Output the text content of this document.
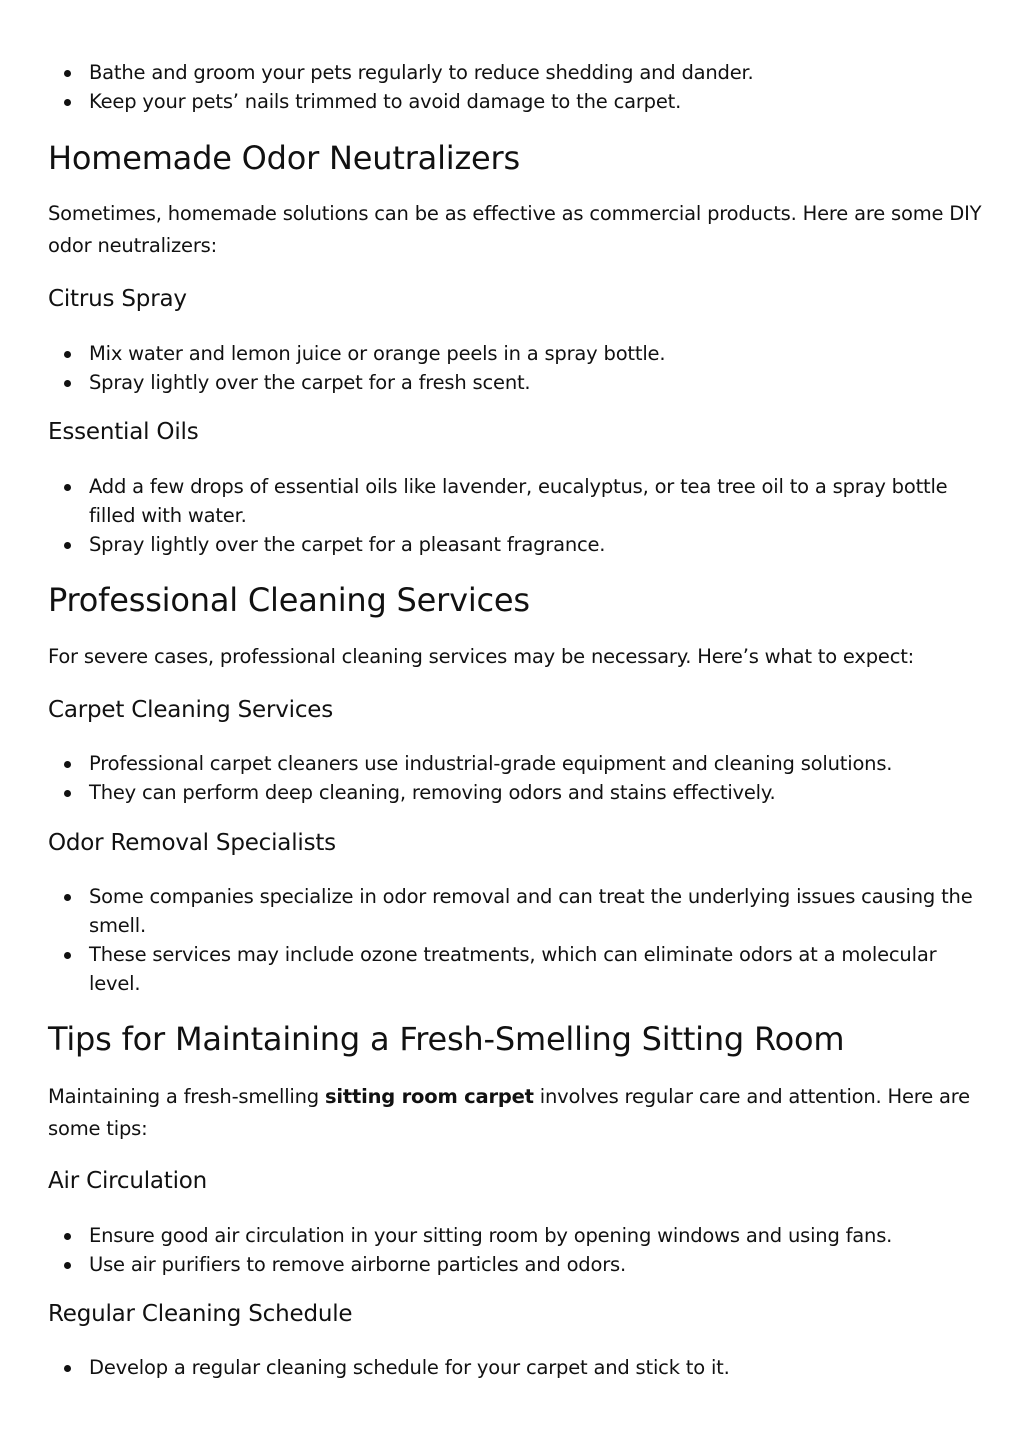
Bathe and groom your pets regularly to reduce shedding and dander.
Keep your pets’ nails trimmed to avoid damage to the carpet.
Homemade Odor Neutralizers

Sometimes, homemade solutions can be as effective as commercial products. Here are some DIY odor neutralizers:

Citrus Spray
Mix water and lemon juice or orange peels in a spray bottle.
Spray lightly over the carpet for a fresh scent.
Essential Oils
Add a few drops of essential oils like lavender, eucalyptus, or tea tree oil to a spray bottle filled with water.
Spray lightly over the carpet for a pleasant fragrance.
Professional Cleaning Services

For severe cases, professional cleaning services may be necessary. Here’s what to expect:

Carpet Cleaning Services
Professional carpet cleaners use industrial-grade equipment and cleaning solutions.
They can perform deep cleaning, removing odors and stains effectively.
Odor Removal Specialists
Some companies specialize in odor removal and can treat the underlying issues causing the smell.
These services may include ozone treatments, which can eliminate odors at a molecular level.
Tips for Maintaining a Fresh-Smelling Sitting Room

Maintaining a fresh-smelling sitting room carpet involves regular care and attention. Here are some tips:

Air Circulation
Ensure good air circulation in your sitting room by opening windows and using fans.
Use air purifiers to remove airborne particles and odors.
Regular Cleaning Schedule
Develop a regular cleaning schedule for your carpet and stick to it.
